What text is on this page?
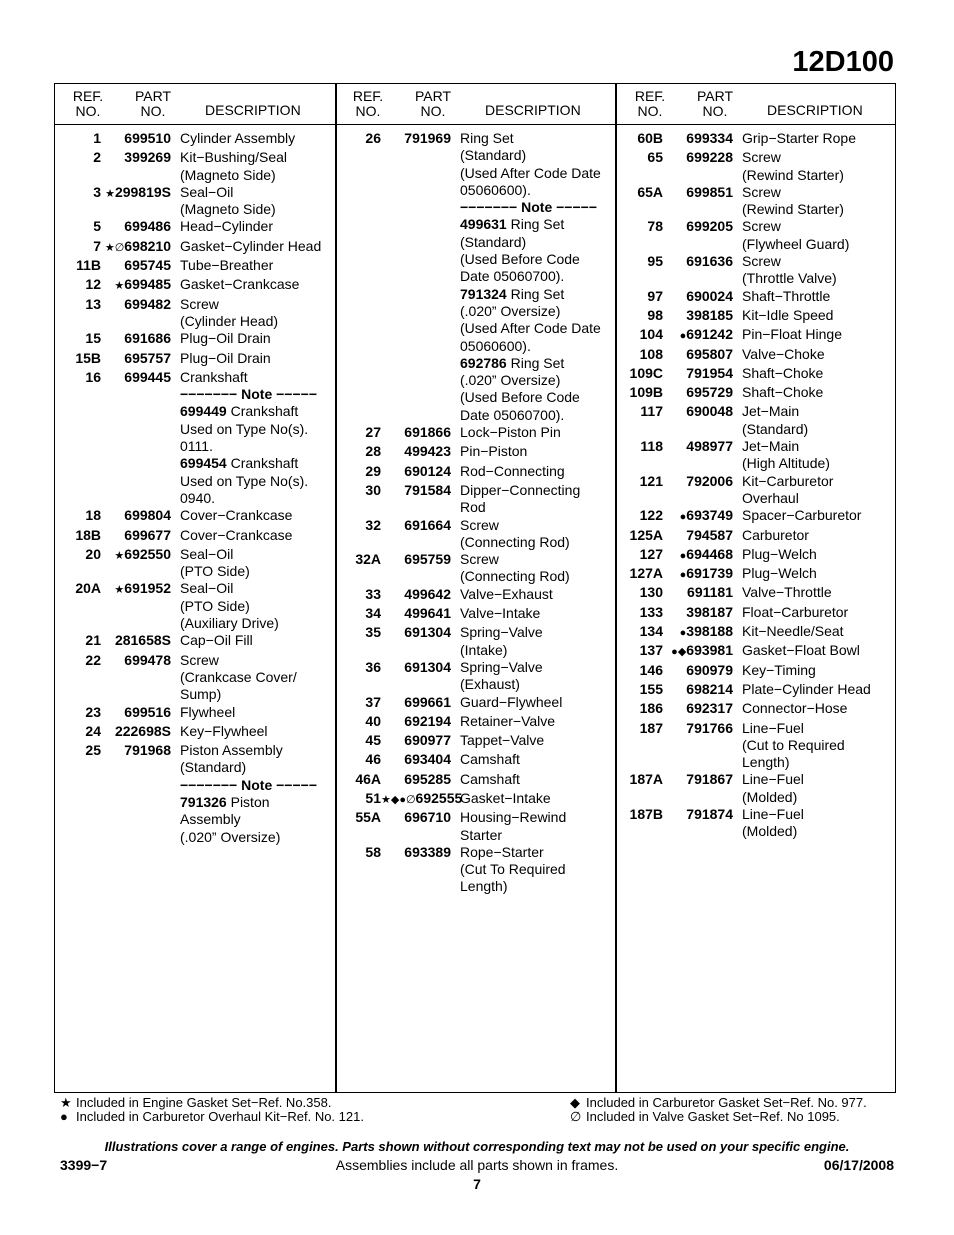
12D100
REF.
NO.
PART
NO.	DESCRIPTION
1	699510 Cylinder Assembly
2	399269 Kit−Bushing/Seal
(Magneto Side)
3 ★299819S Seal−Oil
(Magneto Side)
5	699486 Head−Cylinder
7 ★∅698210 Gasket−Cylinder Head
11B	695745 Tube−Breather
12	★699485 Gasket−Crankcase
13	699482 Screw
(Cylinder Head)
15	691686 Plug−Oil Drain
15B	695757 Plug−Oil Drain
16	699445 Crankshaft
−−−−−−− Note −−−−−
699449 Crankshaft
Used on Type No(s).
0111.
699454 Crankshaft
Used on Type No(s).
0940.
18	699804 Cover−Crankcase
18B	699677 Cover−Crankcase
20	★692550 Seal−Oil
(PTO Side)
20A	★691952 Seal−Oil
(PTO Side)
(Auxiliary Drive)
21 281658S Cap−Oil Fill
22	699478 Screw
(Crankcase Cover/
Sump)
23	699516 Flywheel
24 222698S Key−Flywheel
25	791968 Piston Assembly
(Standard)
−−−−−−− Note −−−−−
791326 Piston
Assembly
(.020” Oversize)
REF.
NO.
PART
NO.	DESCRIPTION
26	791969 Ring Set
(Standard)
(Used After Code Date
05060600).
−−−−−−− Note −−−−−
499631 Ring Set
(Standard)
(Used Before Code
Date 05060700).
791324 Ring Set
(.020” Oversize)
(Used After Code Date
05060600).
692786 Ring Set
(.020” Oversize)
(Used Before Code
Date 05060700).
27	691866 Lock−Piston Pin
28	499423 Pin−Piston
29	690124 Rod−Connecting
30	791584 Dipper−Connecting
Rod
32	691664 Screw
(Connecting Rod)
32A	695759 Screw
(Connecting Rod)
33	499642 Valve−Exhaust
34	499641 Valve−Intake
35	691304 Spring−Valve
(Intake)
36	691304 Spring−Valve
(Exhaust)
37	699661 Guard−Flywheel
40	692194 Retainer−Valve
45	690977 Tappet−Valve
46	693404 Camshaft
46A	695285 Camshaft
51 ★◆●∅692555
Gasket−Intake
55A	696710 Housing−Rewind
Starter
58	693389 Rope−Starter
(Cut To Required
Length)
REF.
NO.
PART
NO.	DESCRIPTION
60B	699334 Grip−Starter Rope
65	699228 Screw
(Rewind Starter)
65A	699851 Screw
(Rewind Starter)
78	699205 Screw
(Flywheel Guard)
95	691636 Screw
(Throttle Valve)
97	690024 Shaft−Throttle
98	398185 Kit−Idle Speed
104	●691242 Pin−Float Hinge
108	695807 Valve−Choke
109C	791954 Shaft−Choke
109B	695729 Shaft−Choke
117	690048 Jet−Main
(Standard)
118	498977 Jet−Main
(High Altitude)
121	792006 Kit−Carburetor
Overhaul
122	●693749 Spacer−Carburetor
125A	794587 Carburetor
127	●694468 Plug−Welch
127A	●691739 Plug−Welch
130	691181 Valve−Throttle
133	398187 Float−Carburetor
134	●398188 Kit−Needle/Seat
137 ●◆693981 Gasket−Float Bowl
146	690979 Key−Timing
155	698214 Plate−Cylinder Head
186	692317 Connector−Hose
187	791766 Line−Fuel
(Cut to Required
Length)
187A	791867 Line−Fuel
(Molded)
187B	791874 Line−Fuel
(Molded)
★ Included in Engine Gasket Set−Ref. No.358.
● Included in Carburetor Overhaul Kit−Ref. No. 121.
◆ Included in Carburetor Gasket Set−Ref. No. 977.
∅ Included in Valve Gasket Set−Ref. No 1095.
Illustrations cover a range of engines. Parts shown without corresponding text may not be used on your specific engine.
3399−7	Assemblies include all parts shown in frames.	06/17/2008
7
